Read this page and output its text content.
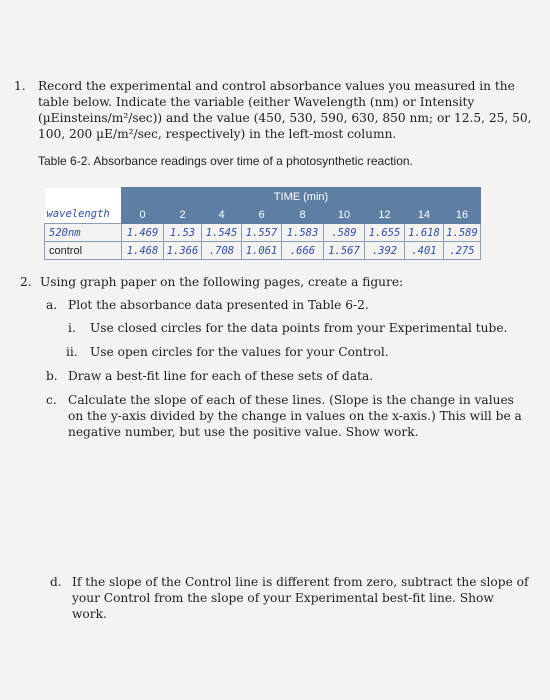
1. Record the experimental and control absorbance values you measured in the table below. Indicate the variable (either Wavelength (nm) or Intensity (µEinsteins/m²/sec)) and the value (450, 530, 590, 630, 850 nm; or 12.5, 25, 50, 100, 200 µE/m²/sec, respectively) in the left-most column.
Table 6-2. Absorbance readings over time of a photosynthetic reaction.
	TIME (min)								
wavelength	0	2	4	6	8	10	12	14	16
520nm	1.469	1.53	1.545	1.557	1.583	.589	1.655	1.618	1.589
control	1.468	1.366	.708	1.061	.666	1.567	.392	.401	.275
2. Using graph paper on the following pages, create a figure:
a. Plot the absorbance data presented in Table 6-2.
i. Use closed circles for the data points from your Experimental tube.
ii. Use open circles for the values for your Control.
b. Draw a best-fit line for each of these sets of data.
c. Calculate the slope of each of these lines. (Slope is the change in values
on the y-axis divided by the change in values on the x-axis.) This will be a
negative number, but use the positive value. Show work.
d. If the slope of the Control line is different from zero, subtract the slope of
your Control from the slope of your Experimental best-fit line. Show work.
